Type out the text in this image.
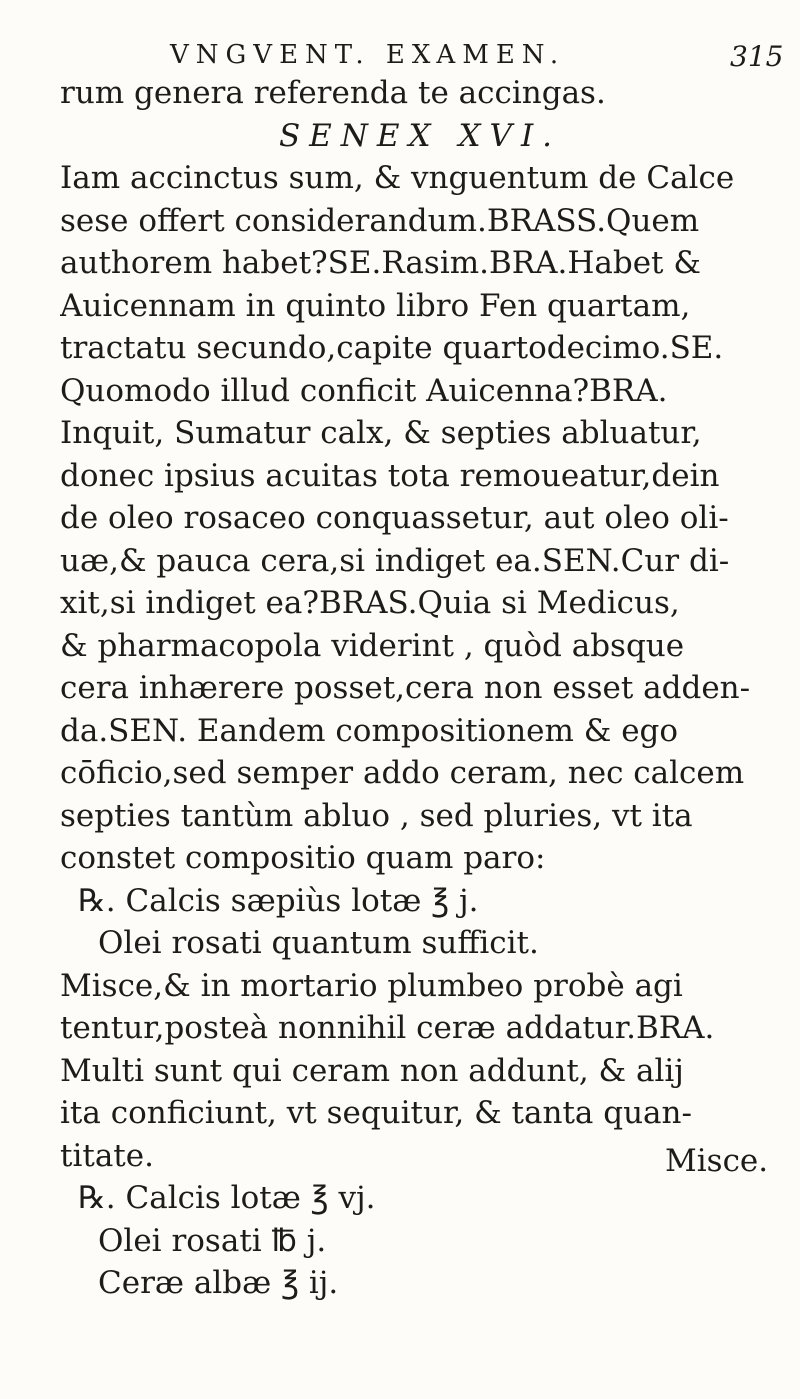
VNGVENT. EXAMEN.	315
rum genera referenda te accingas.
SENEX XVI.
Iam accinctus sum, & vnguentum de Calce
sese offert considerandum.BRASS.Quem
authorem habet?SE.Rasim.BRA.Habet &
Auicennam in quinto libro Fen quartam,
tractatu secundo,capite quartodecimo.SE.
Quomodo illud conficit Auicenna?BRA.
Inquit, Sumatur calx, & septies abluatur,
donec ipsius acuitas tota remoueatur,dein
de oleo rosaceo conquassetur, aut oleo oli-
uæ,& pauca cera,si indiget ea.SEN.Cur di-
xit,si indiget ea?BRAS.Quia si Medicus,
& pharmacopola viderint , quòd absque
cera inhærere posset,cera non esset adden-
da.SEN. Eandem compositionem & ego
cōficio,sed semper addo ceram, nec calcem
septies tantùm abluo , sed pluries, vt ita
constet compositio quam paro:
℞. Calcis sæpiùs lotæ ℥ j.
Olei rosati quantum sufficit.
Misce,& in mortario plumbeo probè agi
tentur,posteà nonnihil ceræ addatur.BRA.
Multi sunt qui ceram non addunt, & alij
ita conficiunt, vt sequitur, & tanta quan-
titate.
℞. Calcis lotæ ℥ vj.
Olei rosati ℔ j.
Ceræ albæ ℥ ij.
Misce.
